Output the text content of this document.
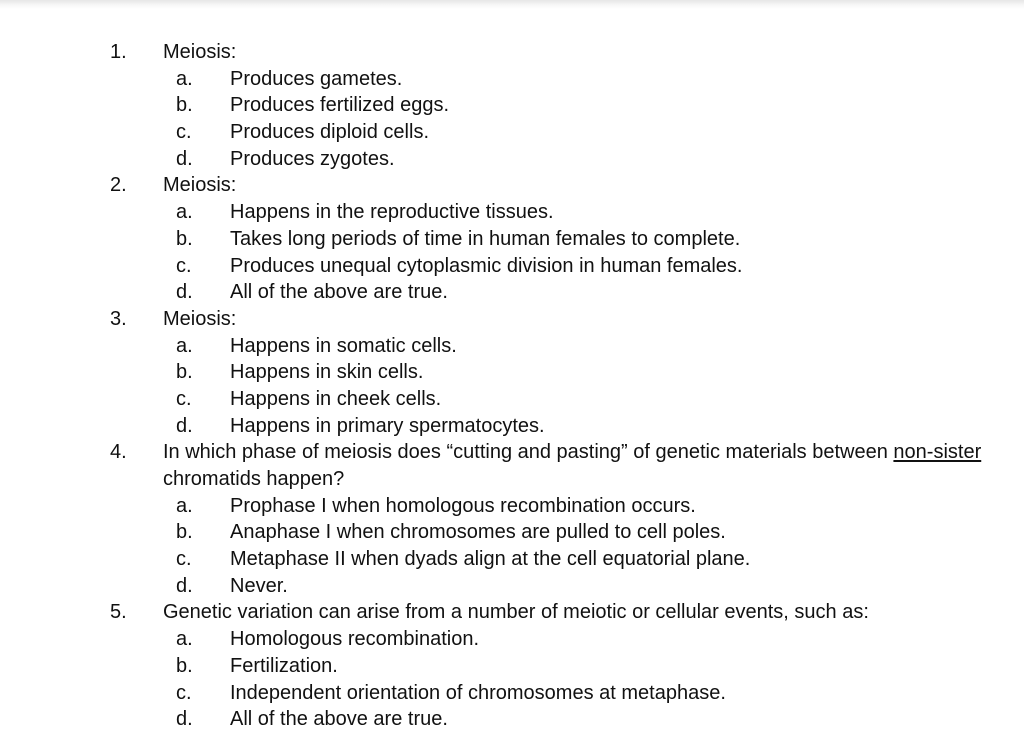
1. Meiosis:
a. Produces gametes.
b. Produces fertilized eggs.
c. Produces diploid cells.
d. Produces zygotes.
2. Meiosis:
a. Happens in the reproductive tissues.
b. Takes long periods of time in human females to complete.
c. Produces unequal cytoplasmic division in human females.
d. All of the above are true.
3. Meiosis:
a. Happens in somatic cells.
b. Happens in skin cells.
c. Happens in cheek cells.
d. Happens in primary spermatocytes.
4. In which phase of meiosis does “cutting and pasting” of genetic materials between non-sister chromatids happen?
a. Prophase I when homologous recombination occurs.
b. Anaphase I when chromosomes are pulled to cell poles.
c. Metaphase II when dyads align at the cell equatorial plane.
d. Never.
5. Genetic variation can arise from a number of meiotic or cellular events, such as:
a. Homologous recombination.
b. Fertilization.
c. Independent orientation of chromosomes at metaphase.
d. All of the above are true.
